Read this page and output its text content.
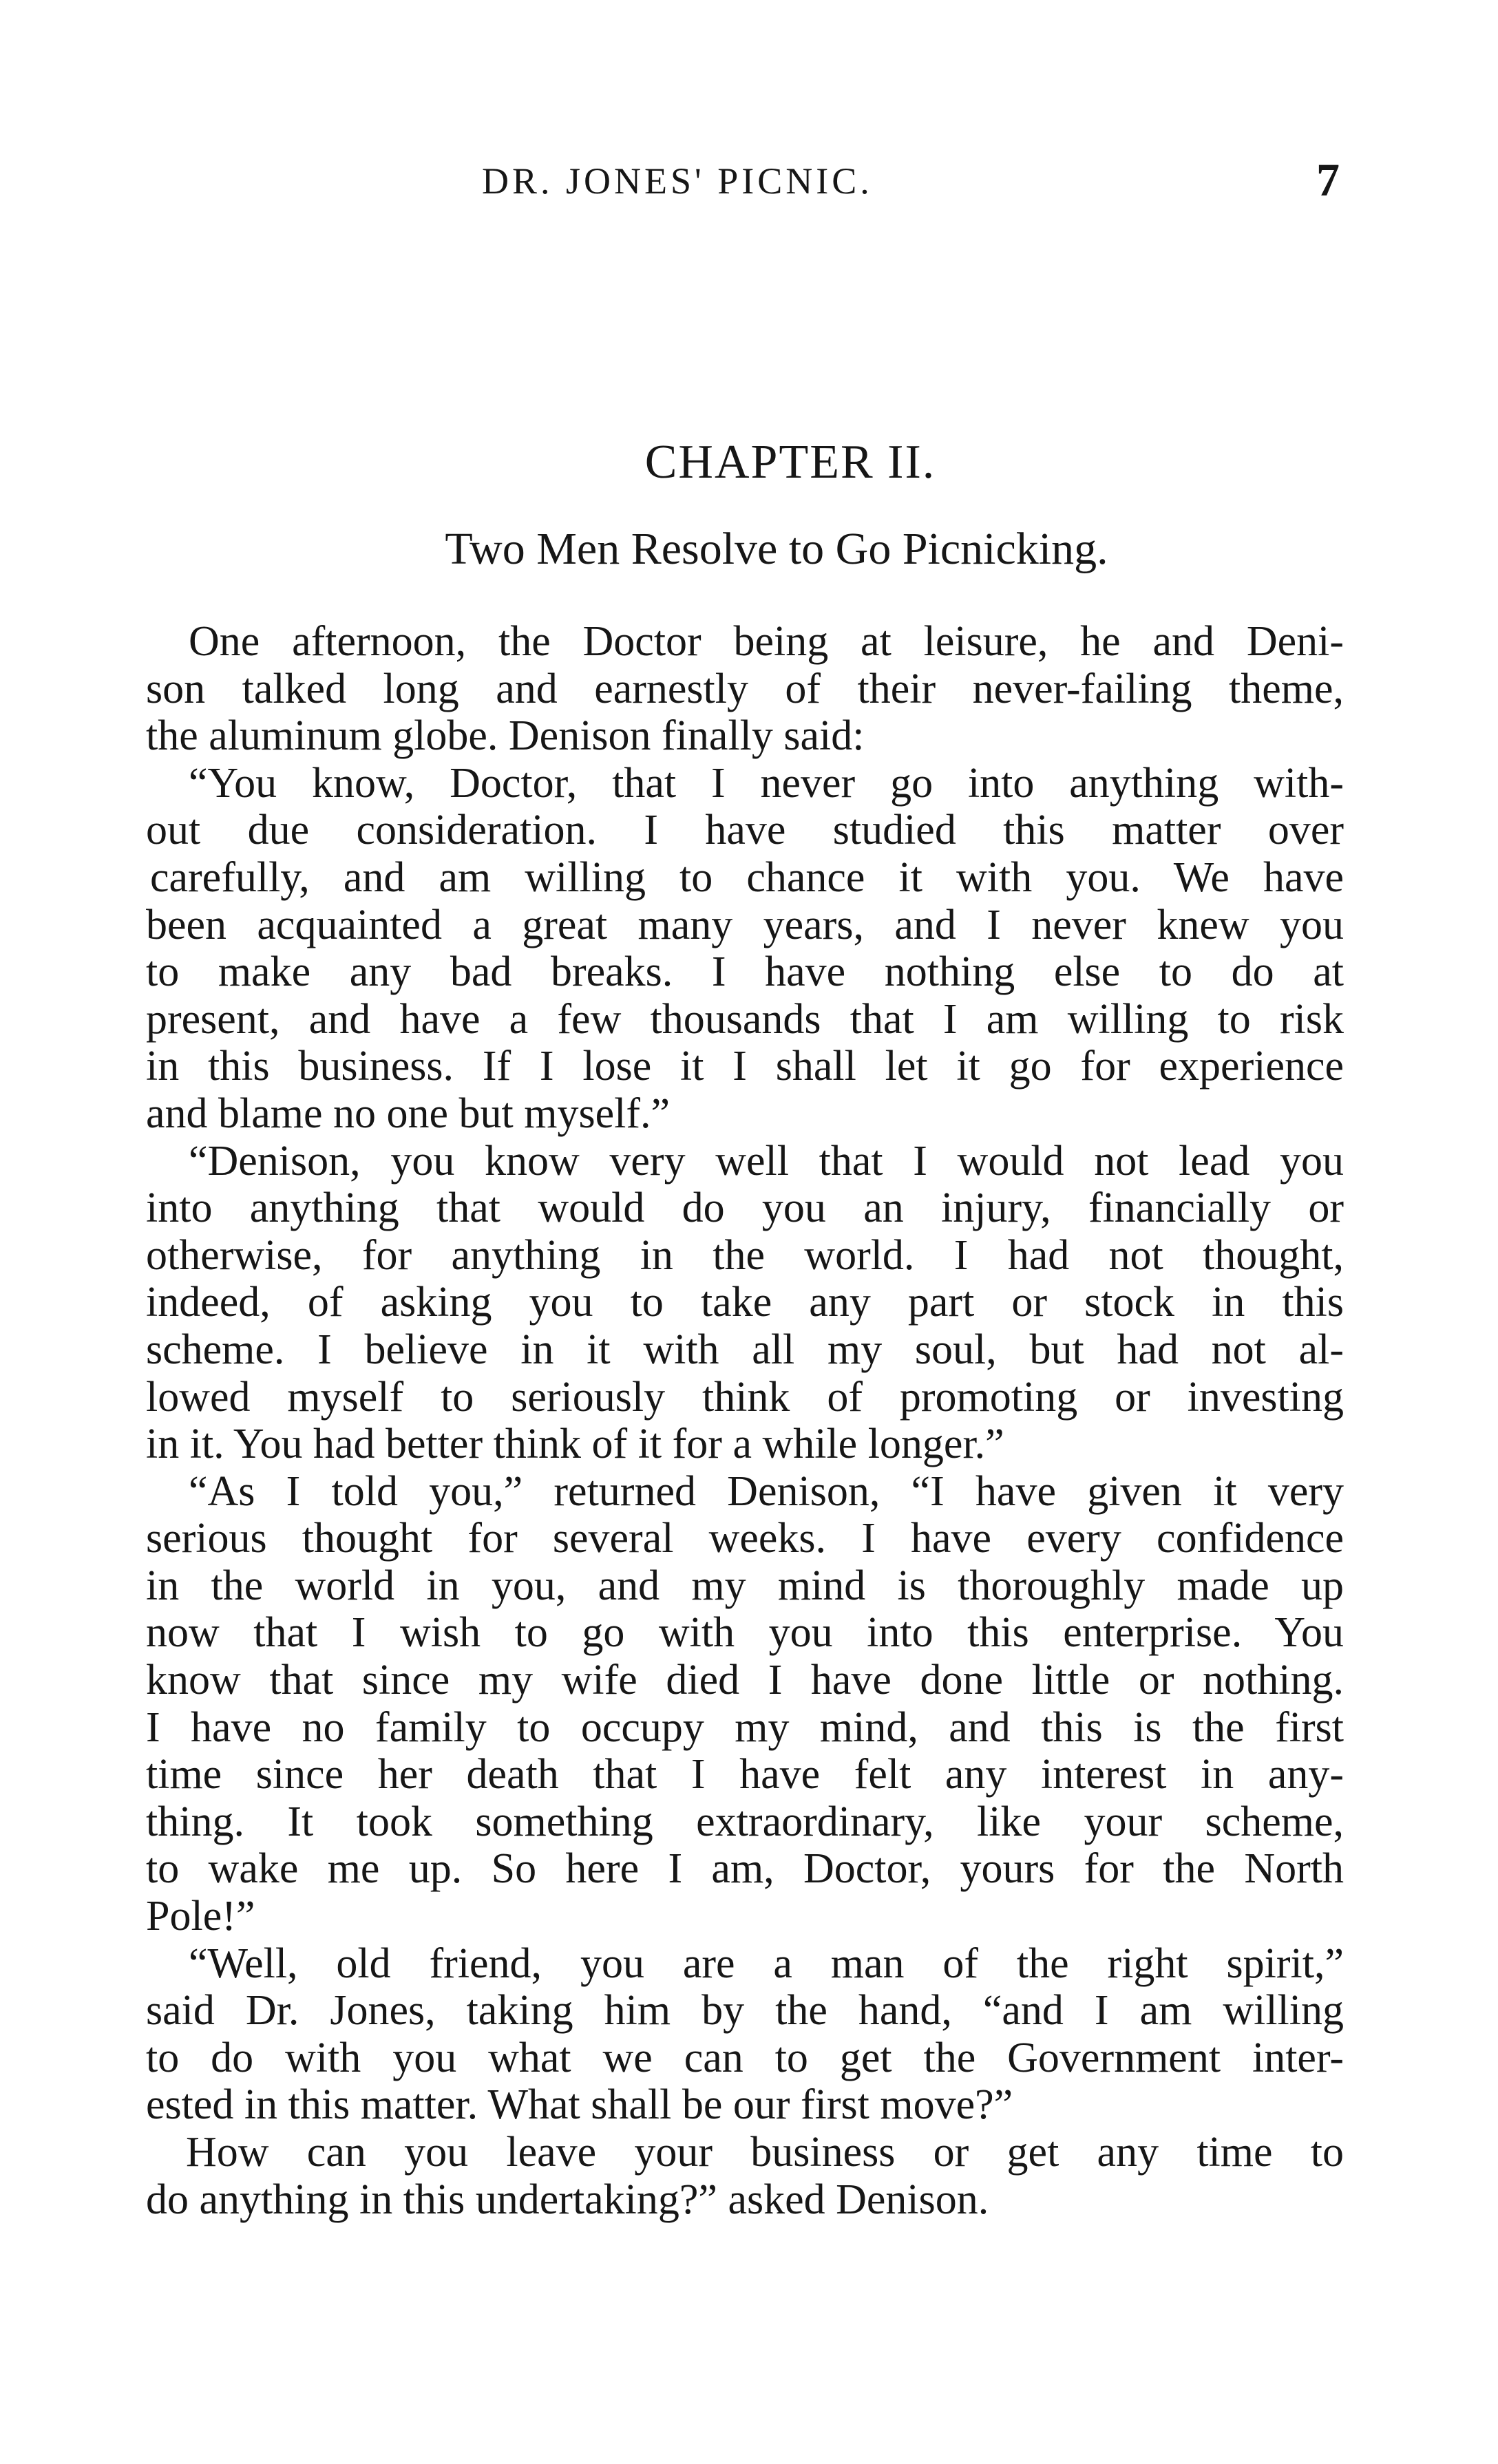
DR. JONES' PICNIC.	7
CHAPTER II.
Two Men Resolve to Go Picnicking.
One afternoon, the Doctor being at leisure, he and Deni-
son talked long and earnestly of their never-failing theme,
the aluminum globe. Denison finally said:
“You know, Doctor, that I never go into anything with-
out due consideration. I have studied this matter over
carefully, and am willing to chance it with you. We have
been acquainted a great many years, and I never knew you
to make any bad breaks. I have nothing else to do at
present, and have a few thousands that I am willing to risk
in this business. If I lose it I shall let it go for experience
and blame no one but myself.”
“Denison, you know very well that I would not lead you
into anything that would do you an injury, financially or
otherwise, for anything in the world. I had not thought,
indeed, of asking you to take any part or stock in this
scheme. I believe in it with all my soul, but had not al-
lowed myself to seriously think of promoting or investing
in it. You had better think of it for a while longer.”
“As I told you,” returned Denison, “I have given it very
serious thought for several weeks. I have every confidence
in the world in you, and my mind is thoroughly made up
now that I wish to go with you into this enterprise. You
know that since my wife died I have done little or nothing.
I have no family to occupy my mind, and this is the first
time since her death that I have felt any interest in any-
thing. It took something extraordinary, like your scheme,
to wake me up. So here I am, Doctor, yours for the North
Pole!”
“Well, old friend, you are a man of the right spirit,”
said Dr. Jones, taking him by the hand, “and I am willing
to do with you what we can to get the Government inter-
ested in this matter. What shall be our first move?”
How can you leave your business or get any time to
do anything in this undertaking?” asked Denison.
